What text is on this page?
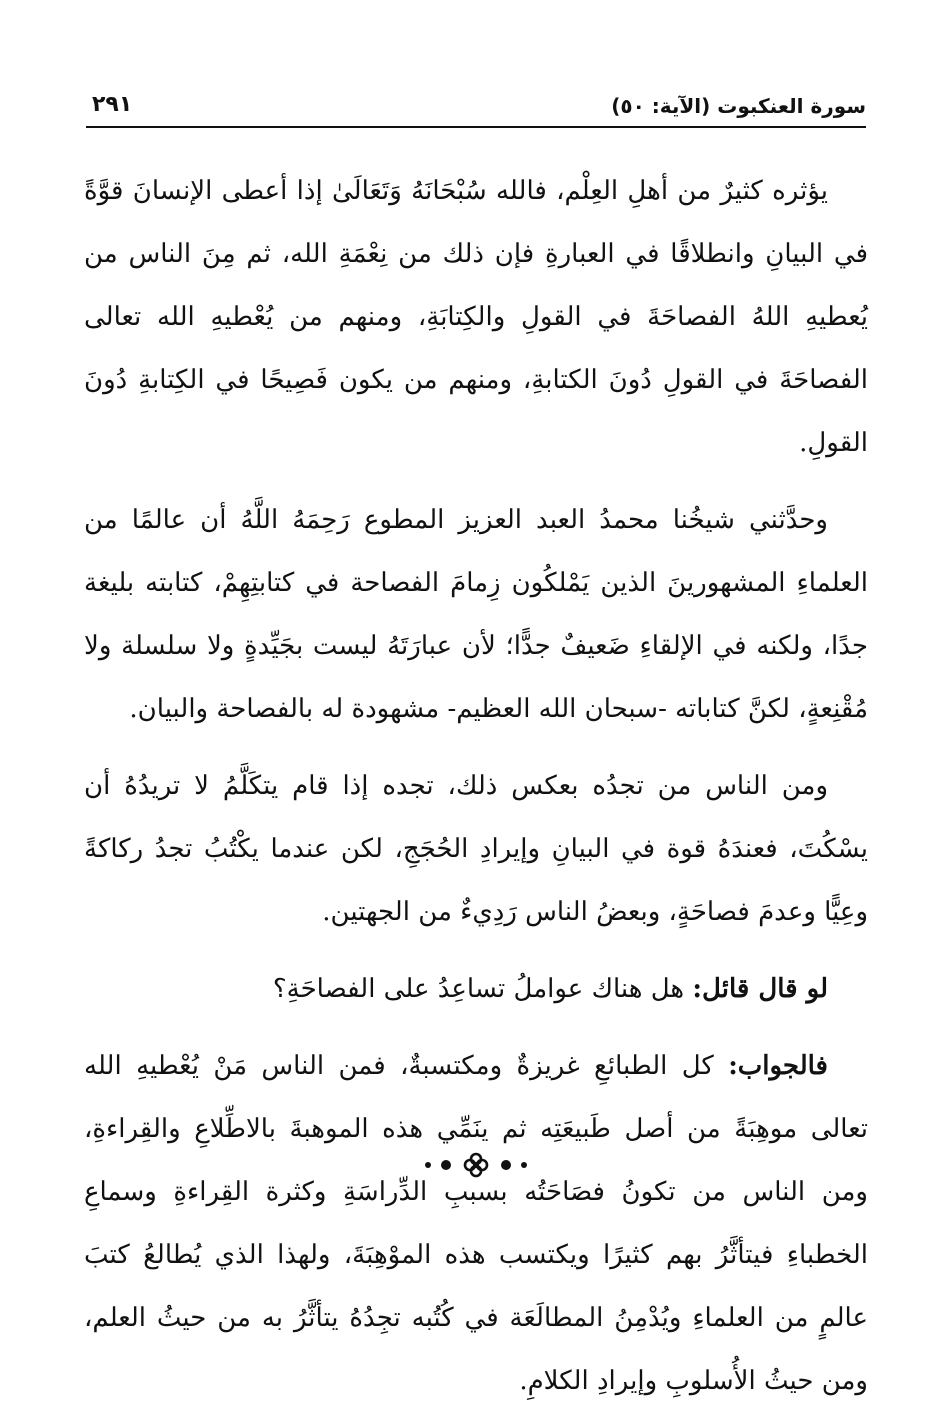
سورة العنكبوت (الآية: ٥٠)
٢٩١

يؤثره كثيرٌ من أهلِ العِلْم، فالله سُبْحَانَهُ وَتَعَالَىٰ إذا أعطى الإنسانَ قوَّةً في البيانِ وانطلاقًا في العبارةِ فإن ذلك من نِعْمَةِ الله، ثم مِنَ الناس من يُعطيهِ اللهُ الفصاحَةَ في القولِ والكِتابَةِ، ومنهم من يُعْطيهِ الله تعالى الفصاحَةَ في القولِ دُونَ الكتابةِ، ومنهم من يكون فَصِيحًا في الكِتابةِ دُونَ القولِ.

وحدَّثني شيخُنا محمدُ العبد العزيز المطوع رَحِمَهُ اللَّهُ أن عالمًا من العلماءِ المشهورينَ الذين يَمْلكُون زِمامَ الفصاحة في كتابتِهِمْ، كتابته بليغة جدًا، ولكنه في الإلقاءِ ضَعيفٌ جدًّا؛ لأن عبارَتَهُ ليست بجَيِّدةٍ ولا سلسلة ولا مُقْنِعةٍ، لكنَّ كتاباته -سبحان الله العظيم- مشهودة له بالفصاحة والبيان.

ومن الناس من تجدُه بعكس ذلك، تجده إذا قام يتكَلَّمُ لا تريدُهُ أن يسْكُتَ، فعندَهُ قوة في البيانِ وإيرادِ الحُجَجِ، لكن عندما يكْتُبُ تجدُ ركاكةً وعِيًّا وعدمَ فصاحَةٍ، وبعضُ الناس رَدِيءٌ من الجهتين.

لو قال قائل: هل هناك عواملُ تساعِدُ على الفصاحَةِ؟

فالجواب: كل الطبائعِ غريزةٌ ومكتسبةٌ، فمن الناس مَنْ يُعْطيهِ الله تعالى موهِبَةً من أصل طَبيعَتِه ثم ينَمِّي هذه الموهبةَ بالاطِّلاعِ والقِراءةِ، ومن الناس من تكونُ فصَاحَتُه بسببِ الدِّراسَةِ وكثرة القِراءةِ وسماعِ الخطباءِ فيتأثَّرُ بهم كثيرًا ويكتسب هذه الموْهِبَةَ، ولهذا الذي يُطالعُ كتبَ عالمٍ من العلماءِ ويُدْمِنُ المطالَعَة في كُتُبه تجِدُهُ يتأثَّرُ به من حيثُ العلم، ومن حيثُ الأُسلوبِ وإيرادِ الكلامِ.
